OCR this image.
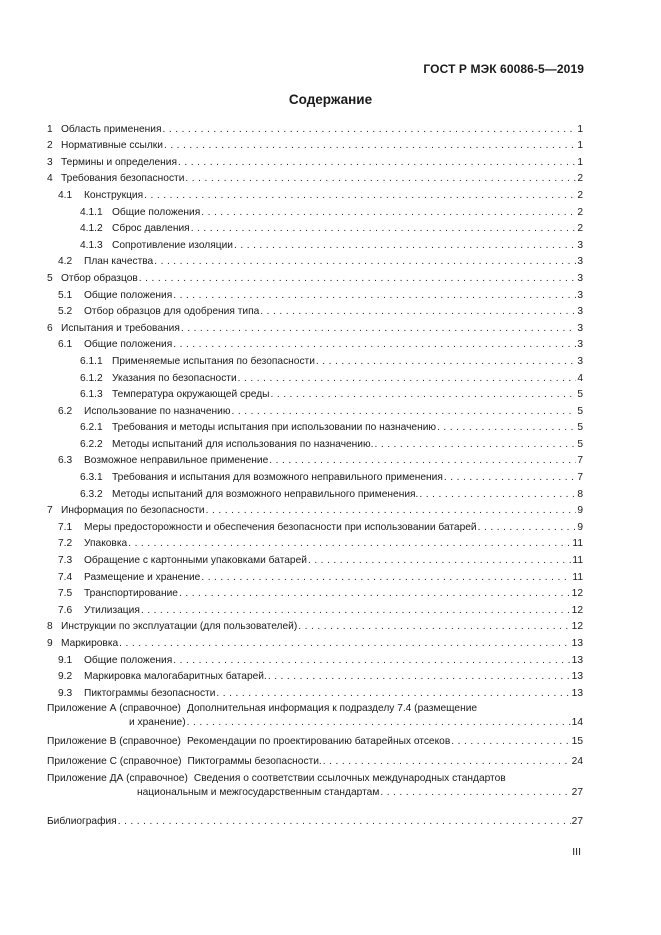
ГОСТ Р МЭК 60086-5—2019
Содержание
1 Область применения . . .	1
2 Нормативные ссылки . . .	1
3 Термины и определения . . .	1
4 Требования безопасности . . .	2
4.1	Конструкция . . .	2
4.1.1 Общие положения . . .	2
4.1.2 Сброс давления . . .	2
4.1.3 Сопротивление изоляции . . .	3
4.2	План качества . . .	3
5 Отбор образцов . . .	3
5.1	Общие положения . . .	3
5.2	Отбор образцов для одобрения типа . . .	3
6 Испытания и требования . . .	3
6.1	Общие положения . . .	3
6.1.1 Применяемые испытания по безопасности . . .	3
6.1.2 Указания по безопасности . . .	4
6.1.3 Температура окружающей среды . . .	5
6.2	Использование по назначению . . .	5
6.2.1 Требования и методы испытания при использовании по назначению . . .	5
6.2.2 Методы испытаний для использования по назначению. . . .	5
6.3	Возможное неправильное применение . . .	7
6.3.1 Требования и испытания для возможного неправильного применения . . .	7
6.3.2 Методы испытаний для возможного неправильного применения. . . .	8
7 Информация по безопасности . . .	9
7.1	Меры предосторожности и обеспечения безопасности при использовании батарей . . .	9
7.2	Упаковка . . .	11
7.3	Обращение с картонными упаковками батарей . . .	11
7.4	Размещение и хранение . . .	11
7.5	Транспортирование . . .	12
7.6	Утилизация . . .	12
8 Инструкции по эксплуатации (для пользователей) . . .	12
9 Маркировка . . .	13
9.1	Общие положения . . .	13
9.2	Маркировка малогабаритных батарей. . . .	13
9.3	Пиктограммы безопасности . . .	13
Приложение А (справочное) Дополнительная информация к подразделу 7.4 (размещение
и хранение) . . .	14
Приложение В (справочное) Рекомендации по проектированию батарейных отсеков . . .	15
Приложение С (справочное) Пиктограммы безопасности. . . .	24
Приложение ДА (справочное) Сведения о соответствии ссылочных международных стандартов
национальным и межгосударственным стандартам . . .	27
Библиография . . .	27
III
